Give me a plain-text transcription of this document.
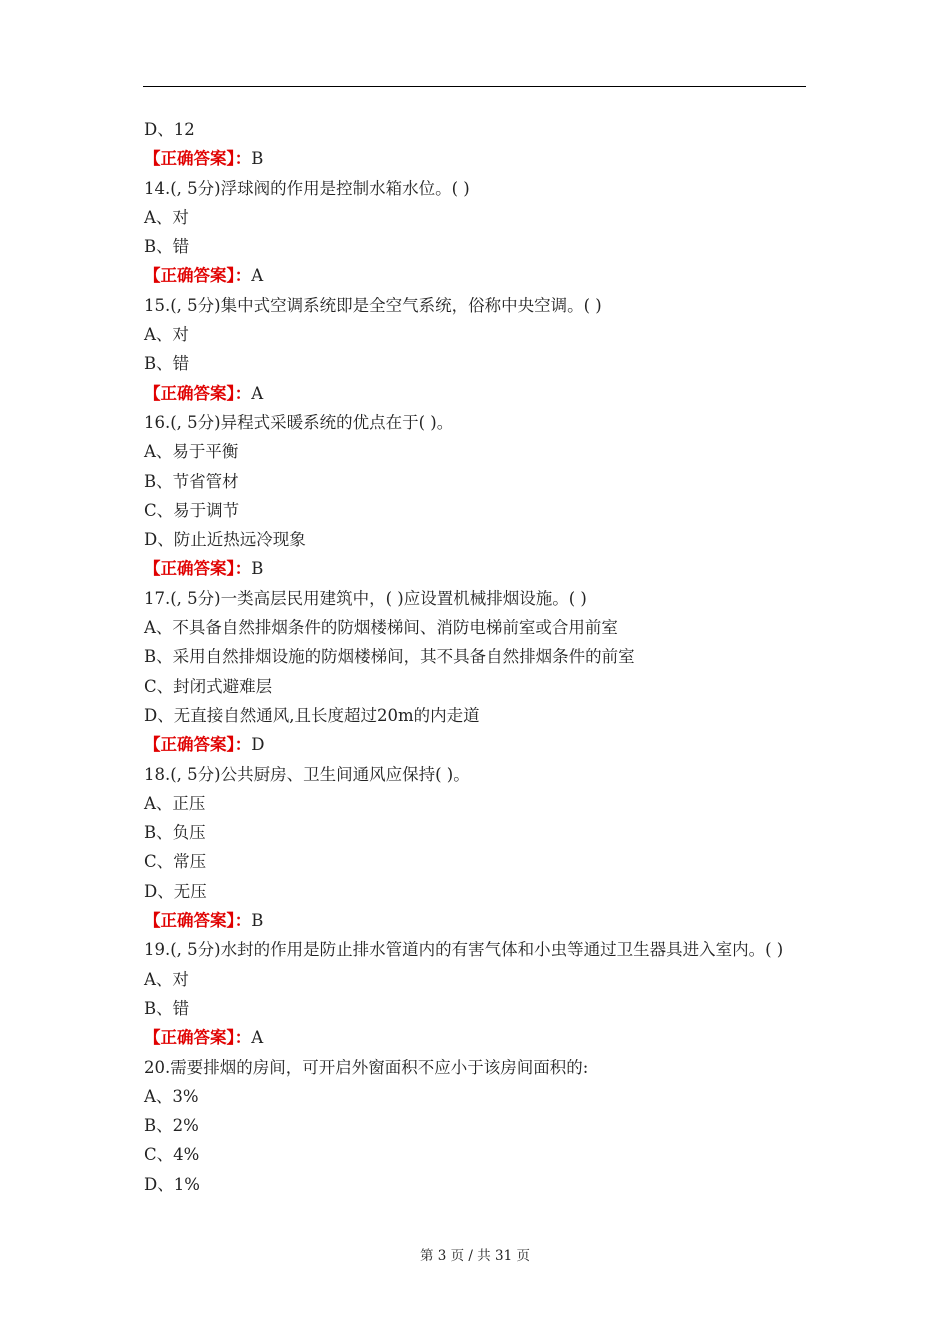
D、12
【正确答案】：B
14.(, 5分)浮球阀的作用是控制水箱水位。( )
A、对
B、错
【正确答案】：A
15.(, 5分)集中式空调系统即是全空气系统，俗称中央空调。( )
A、对
B、错
【正确答案】：A
16.(, 5分)异程式采暖系统的优点在于( )。
A、易于平衡
B、节省管材
C、易于调节
D、防止近热远冷现象
【正确答案】：B
17.(, 5分)一类高层民用建筑中，( )应设置机械排烟设施。( )
A、不具备自然排烟条件的防烟楼梯间、消防电梯前室或合用前室
B、采用自然排烟设施的防烟楼梯间，其不具备自然排烟条件的前室
C、封闭式避难层
D、无直接自然通风,且长度超过20m的内走道
【正确答案】：D
18.(, 5分)公共厨房、卫生间通风应保持( )。
A、正压
B、负压
C、常压
D、无压
【正确答案】：B
19.(, 5分)水封的作用是防止排水管道内的有害气体和小虫等通过卫生器具进入室内。( )
A、对
B、错
【正确答案】：A
20.需要排烟的房间，可开启外窗面积不应小于该房间面积的:
A、3%
B、2%
C、4%
D、1%
第 3 页 / 共 31 页
